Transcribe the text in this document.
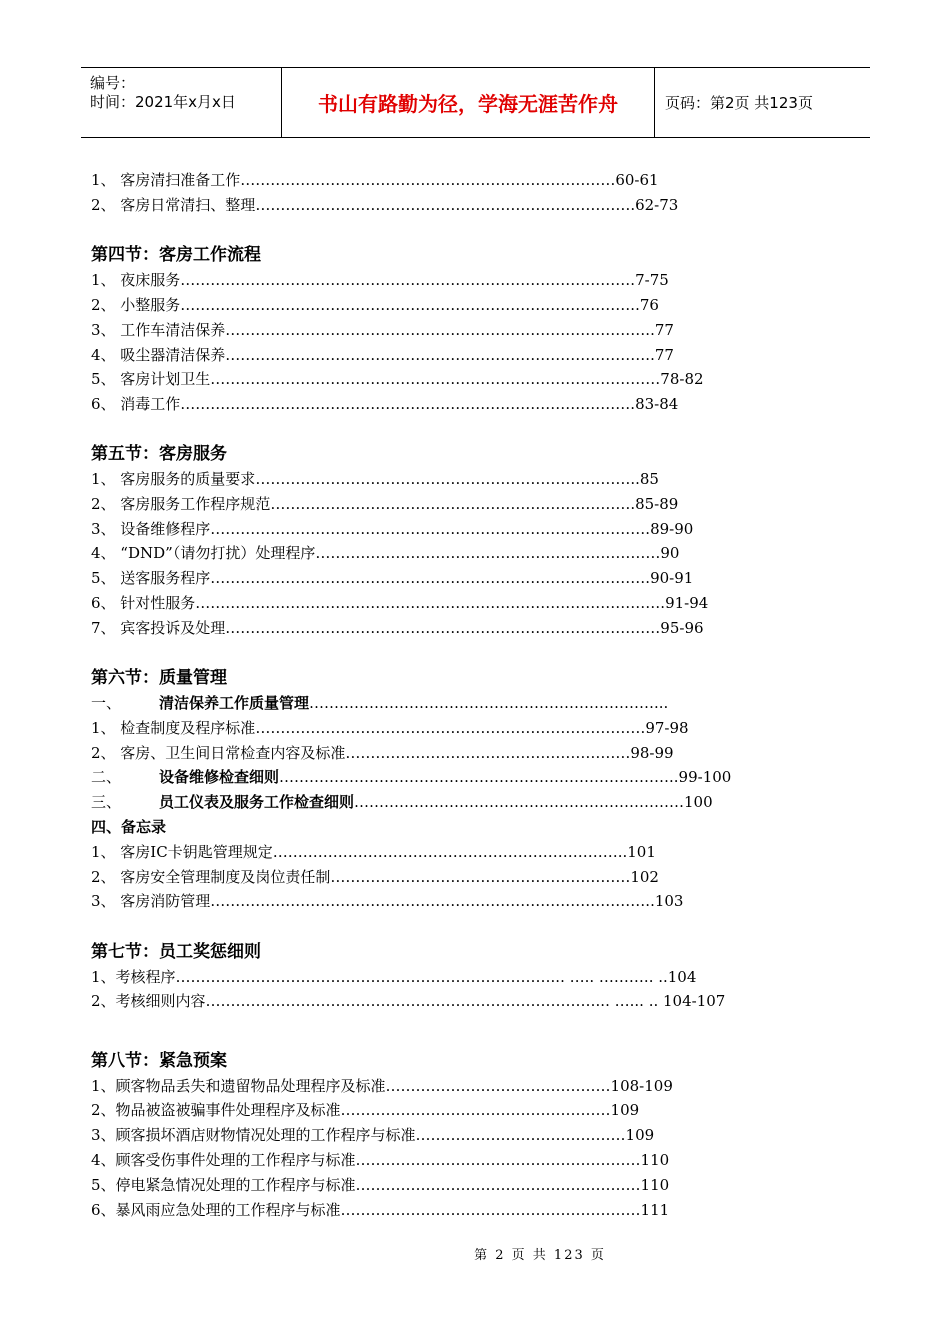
编号：
时间：2021年x月x日	书山有路勤为径，学海无涯苦作舟	页码：第2页 共123页
1、 客房清扫准备工作…………………………………………………………………60-61
2、 客房日常清扫、整理………………………………………………………………….62-73
第四节：客房工作流程
1、 夜床服务……………………………………………………………………………….7-75
2、 小整服务………………………………………………………………………………..76
3、 工作车清洁保养…………………………………………………………………………..77
4、 吸尘器清洁保养…………………………………………………………………………..77
5、 客房计划卫生………………………………………………………………………………78-82
6、 消毒工作……………………………………………………………………………….83-84
第五节：客房服务
1、 客房服务的质量要求…………………………………………………………………..85
2、 客房服务工作程序规范……………………………………………………………….85-89
3、 设备维修程序…………………………………………………………………………….89-90
4、 “DND”（请勿打扰）处理程序……………………………………………………………90
5、 送客服务程序…………………………………………………………………………….90-91
6、 针对性服务………………………………………………………………………………….91-94
7、 宾客投诉及处理……………………………………………………………………………95-96
第六节：质量管理
一、	清洁保养工作质量管理……………………………………………………………...
1、 检查制度及程序标准……………………………………………………………………97-98
2、 客房、卫生间日常检查内容及标准…………………………………………………98-99
二、	设备维修检查细则……………………………………………………………………..99-100
三、	员工仪表及服务工作检查细则…………………………………………………………100
四、备忘录
1、 客房IC卡钥匙管理规定……………………………………………………………..101
2、 客房安全管理制度及岗位责任制……………………………………………………102
3、 客房消防管理……………………………………………………………………………..103
第七节：员工奖惩细则
1、考核程序…………………………………………………………………... ….. ……….. ..104
2、考核细则内容……………………………………………………………………... …... .. 104-107
第八节：紧急预案
1、顾客物品丢失和遗留物品处理程序及标准………………………………………108-109
2、物品被盗被骗事件处理程序及标准………………………………………………109
3、顾客损坏酒店财物情况处理的工作程序与标准……………………………………109
4、顾客受伤事件处理的工作程序与标准…………………………………………………110
5、停电紧急情况处理的工作程序与标准…………………………………………………110
6、暴风雨应急处理的工作程序与标准……………………………………………………111
第 2 页 共 123 页
